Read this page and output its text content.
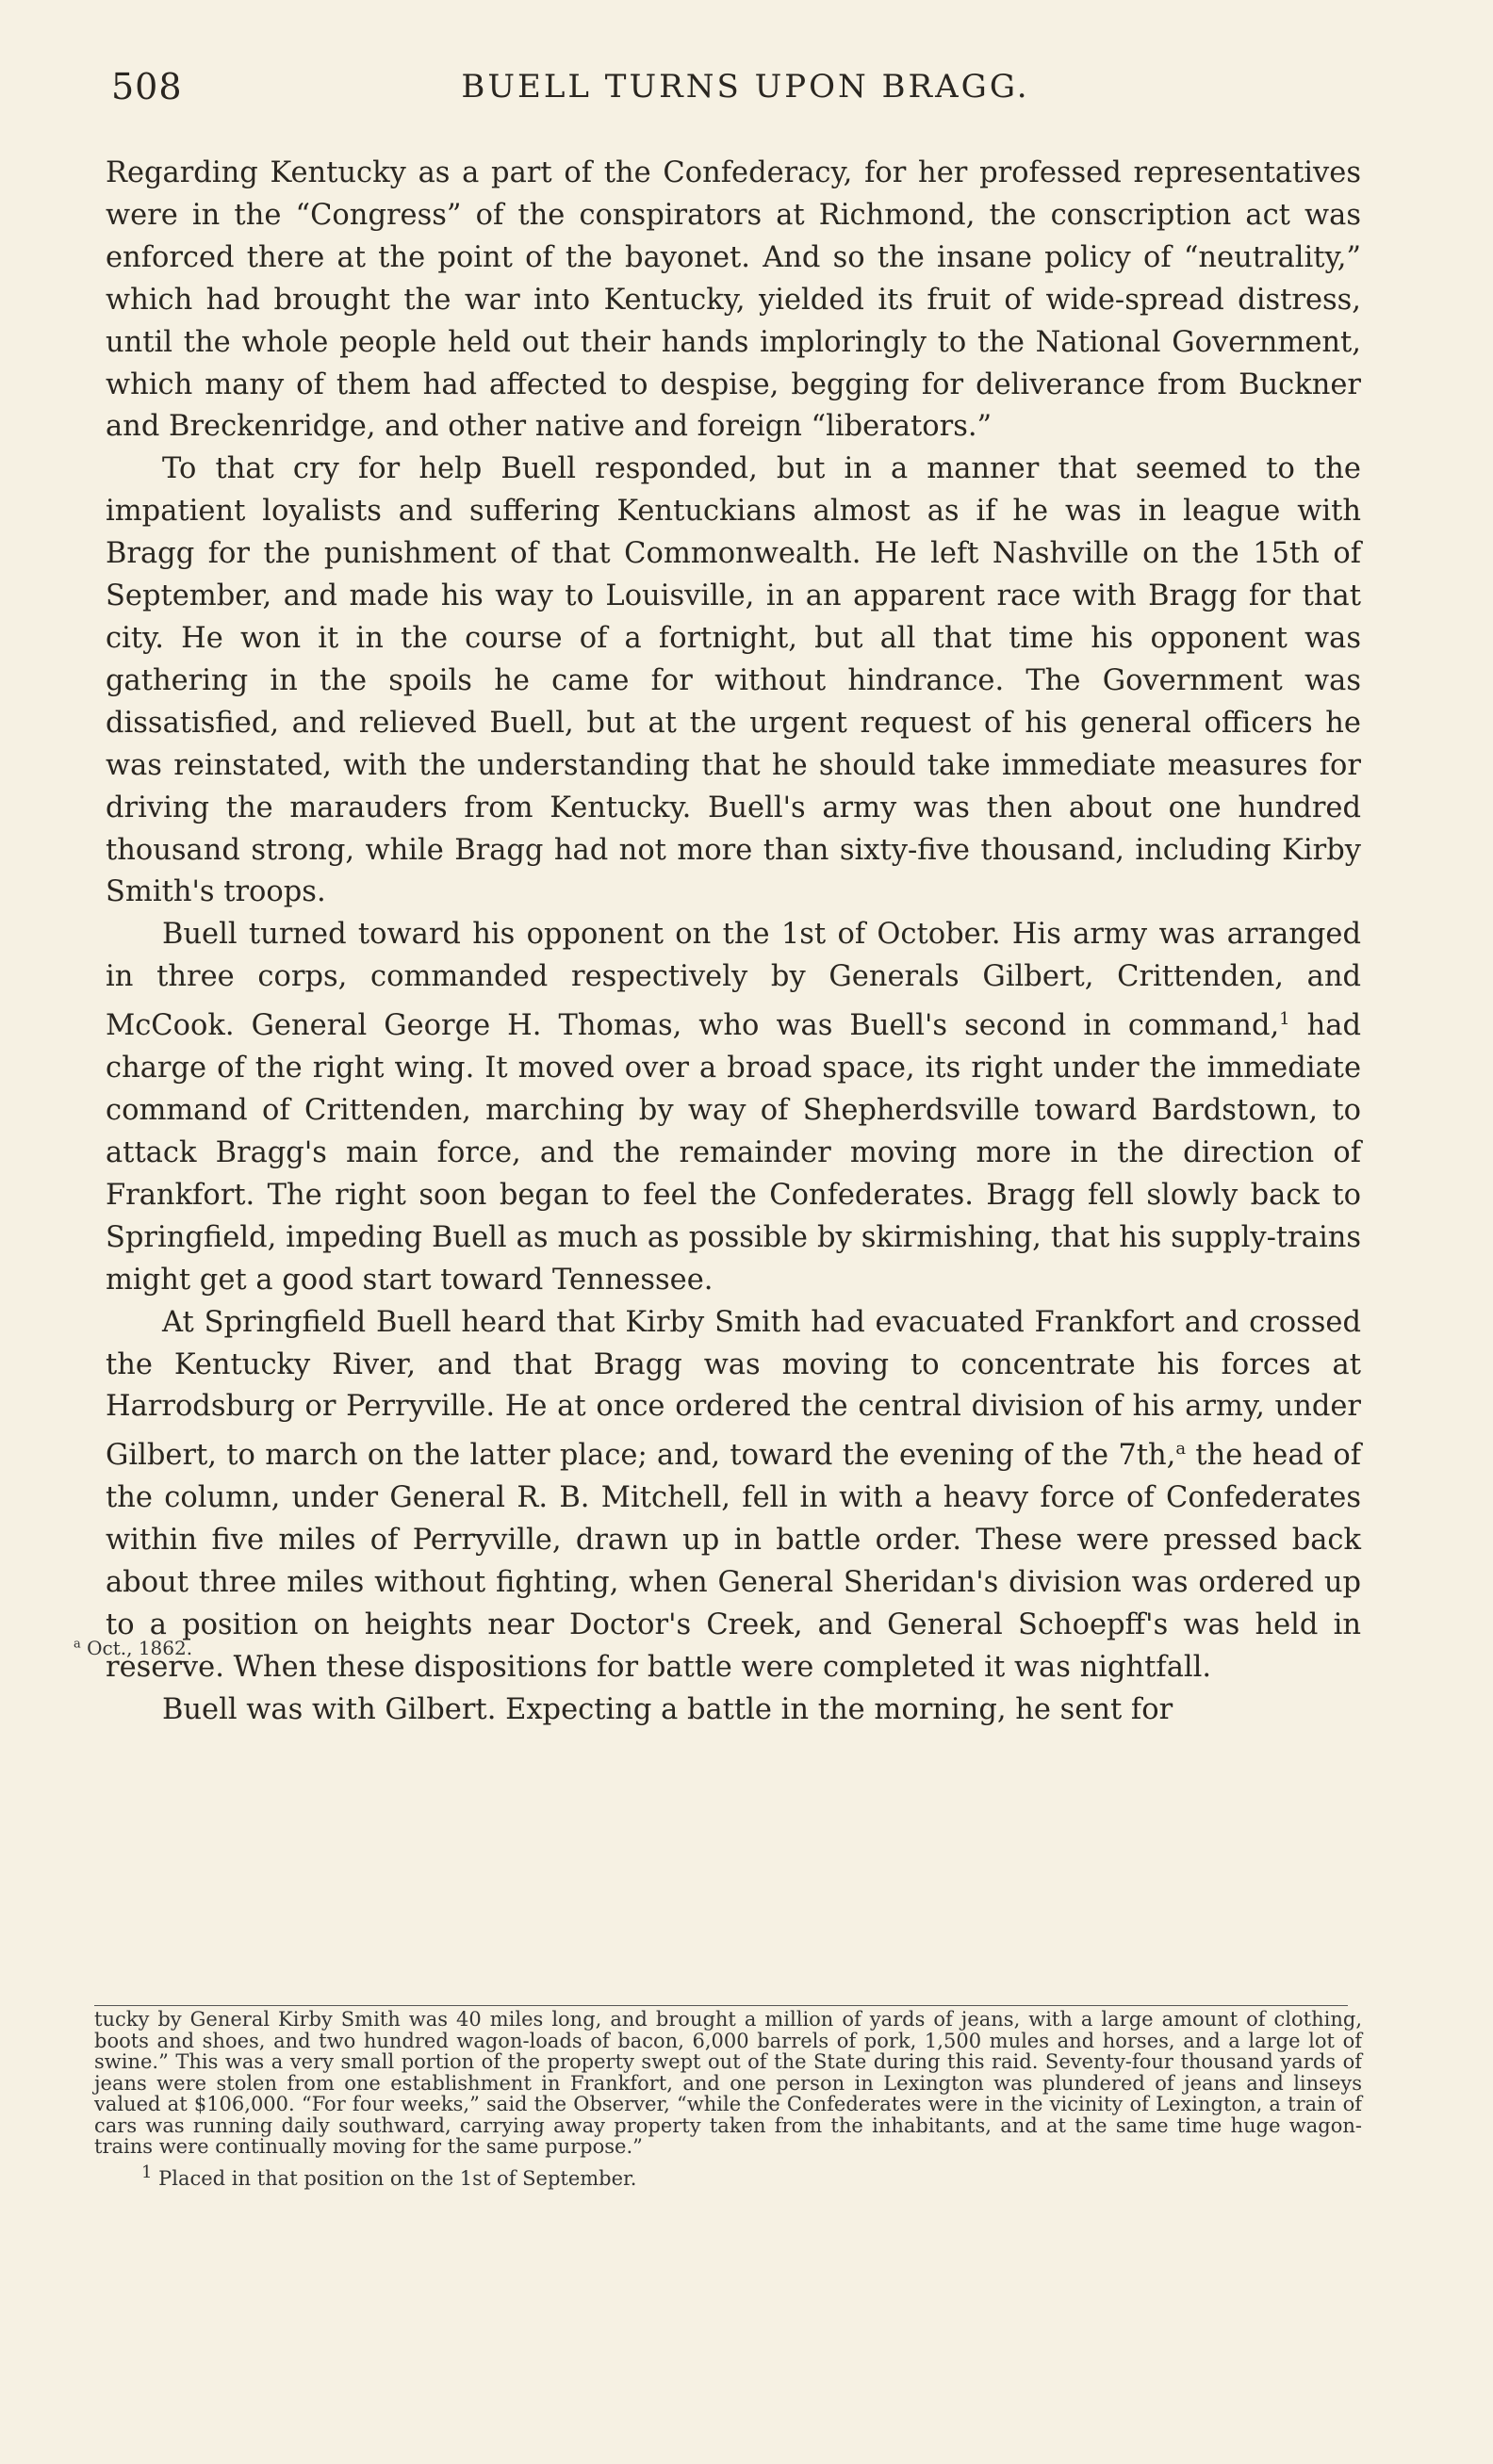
508	BUELL TURNS UPON BRAGG.

Regarding Kentucky as a part of the Confederacy, for her professed representatives were in the “Congress” of the conspirators at Richmond, the conscription act was enforced there at the point of the bayonet. And so the insane policy of “neutrality,” which had brought the war into Kentucky, yielded its fruit of wide-spread distress, until the whole people held out their hands imploringly to the National Government, which many of them had affected to despise, begging for deliverance from Buckner and Breckenridge, and other native and foreign “liberators.”

To that cry for help Buell responded, but in a manner that seemed to the impatient loyalists and suffering Kentuckians almost as if he was in league with Bragg for the punishment of that Commonwealth. He left Nashville on the 15th of September, and made his way to Louisville, in an apparent race with Bragg for that city. He won it in the course of a fortnight, but all that time his opponent was gathering in the spoils he came for without hindrance. The Government was dissatisfied, and relieved Buell, but at the urgent request of his general officers he was reinstated, with the understanding that he should take immediate measures for driving the marauders from Kentucky. Buell's army was then about one hundred thousand strong, while Bragg had not more than sixty-five thousand, including Kirby Smith's troops.

Buell turned toward his opponent on the 1st of October. His army was arranged in three corps, commanded respectively by Generals Gilbert, Crittenden, and McCook. General George H. Thomas, who was Buell's second in command,$^1$ had charge of the right wing. It moved over a broad space, its right under the immediate command of Crittenden, marching by way of Shepherdsville toward Bardstown, to attack Bragg's main force, and the remainder moving more in the direction of Frankfort. The right soon began to feel the Confederates. Bragg fell slowly back to Springfield, impeding Buell as much as possible by skirmishing, that his supply-trains might get a good start toward Tennessee.

At Springfield Buell heard that Kirby Smith had evacuated Frankfort and crossed the Kentucky River, and that Bragg was moving to concentrate his forces at Harrodsburg or Perryville. He at once ordered the central division of his army, under Gilbert, to march on the latter place; and, toward the evening of the 7th,$^a$ the head of the column, under General R. B. Mitchell, fell in with a heavy force of Confederates within five miles of Perryville, drawn up in battle order. These were pressed back about three miles without fighting, when General Sheridan's division was ordered up to a position on heights near Doctor's Creek, and General Schoepff's was held in reserve. When these dispositions for battle were completed it was nightfall.

Buell was with Gilbert. Expecting a battle in the morning, he sent for

$^a$ Oct., 1862.

tucky by General Kirby Smith was 40 miles long, and brought a million of yards of jeans, with a large amount of clothing, boots and shoes, and two hundred wagon-loads of bacon, 6,000 barrels of pork, 1,500 mules and horses, and a large lot of swine.” This was a very small portion of the property swept out of the State during this raid. Seventy-four thousand yards of jeans were stolen from one establishment in Frankfort, and one person in Lexington was plundered of jeans and linseys valued at $106,000. “For four weeks,” said the Observer, “while the Confederates were in the vicinity of Lexington, a train of cars was running daily southward, carrying away property taken from the inhabitants, and at the same time huge wagon-trains were continually moving for the same purpose.”

$^1$ Placed in that position on the 1st of September.
